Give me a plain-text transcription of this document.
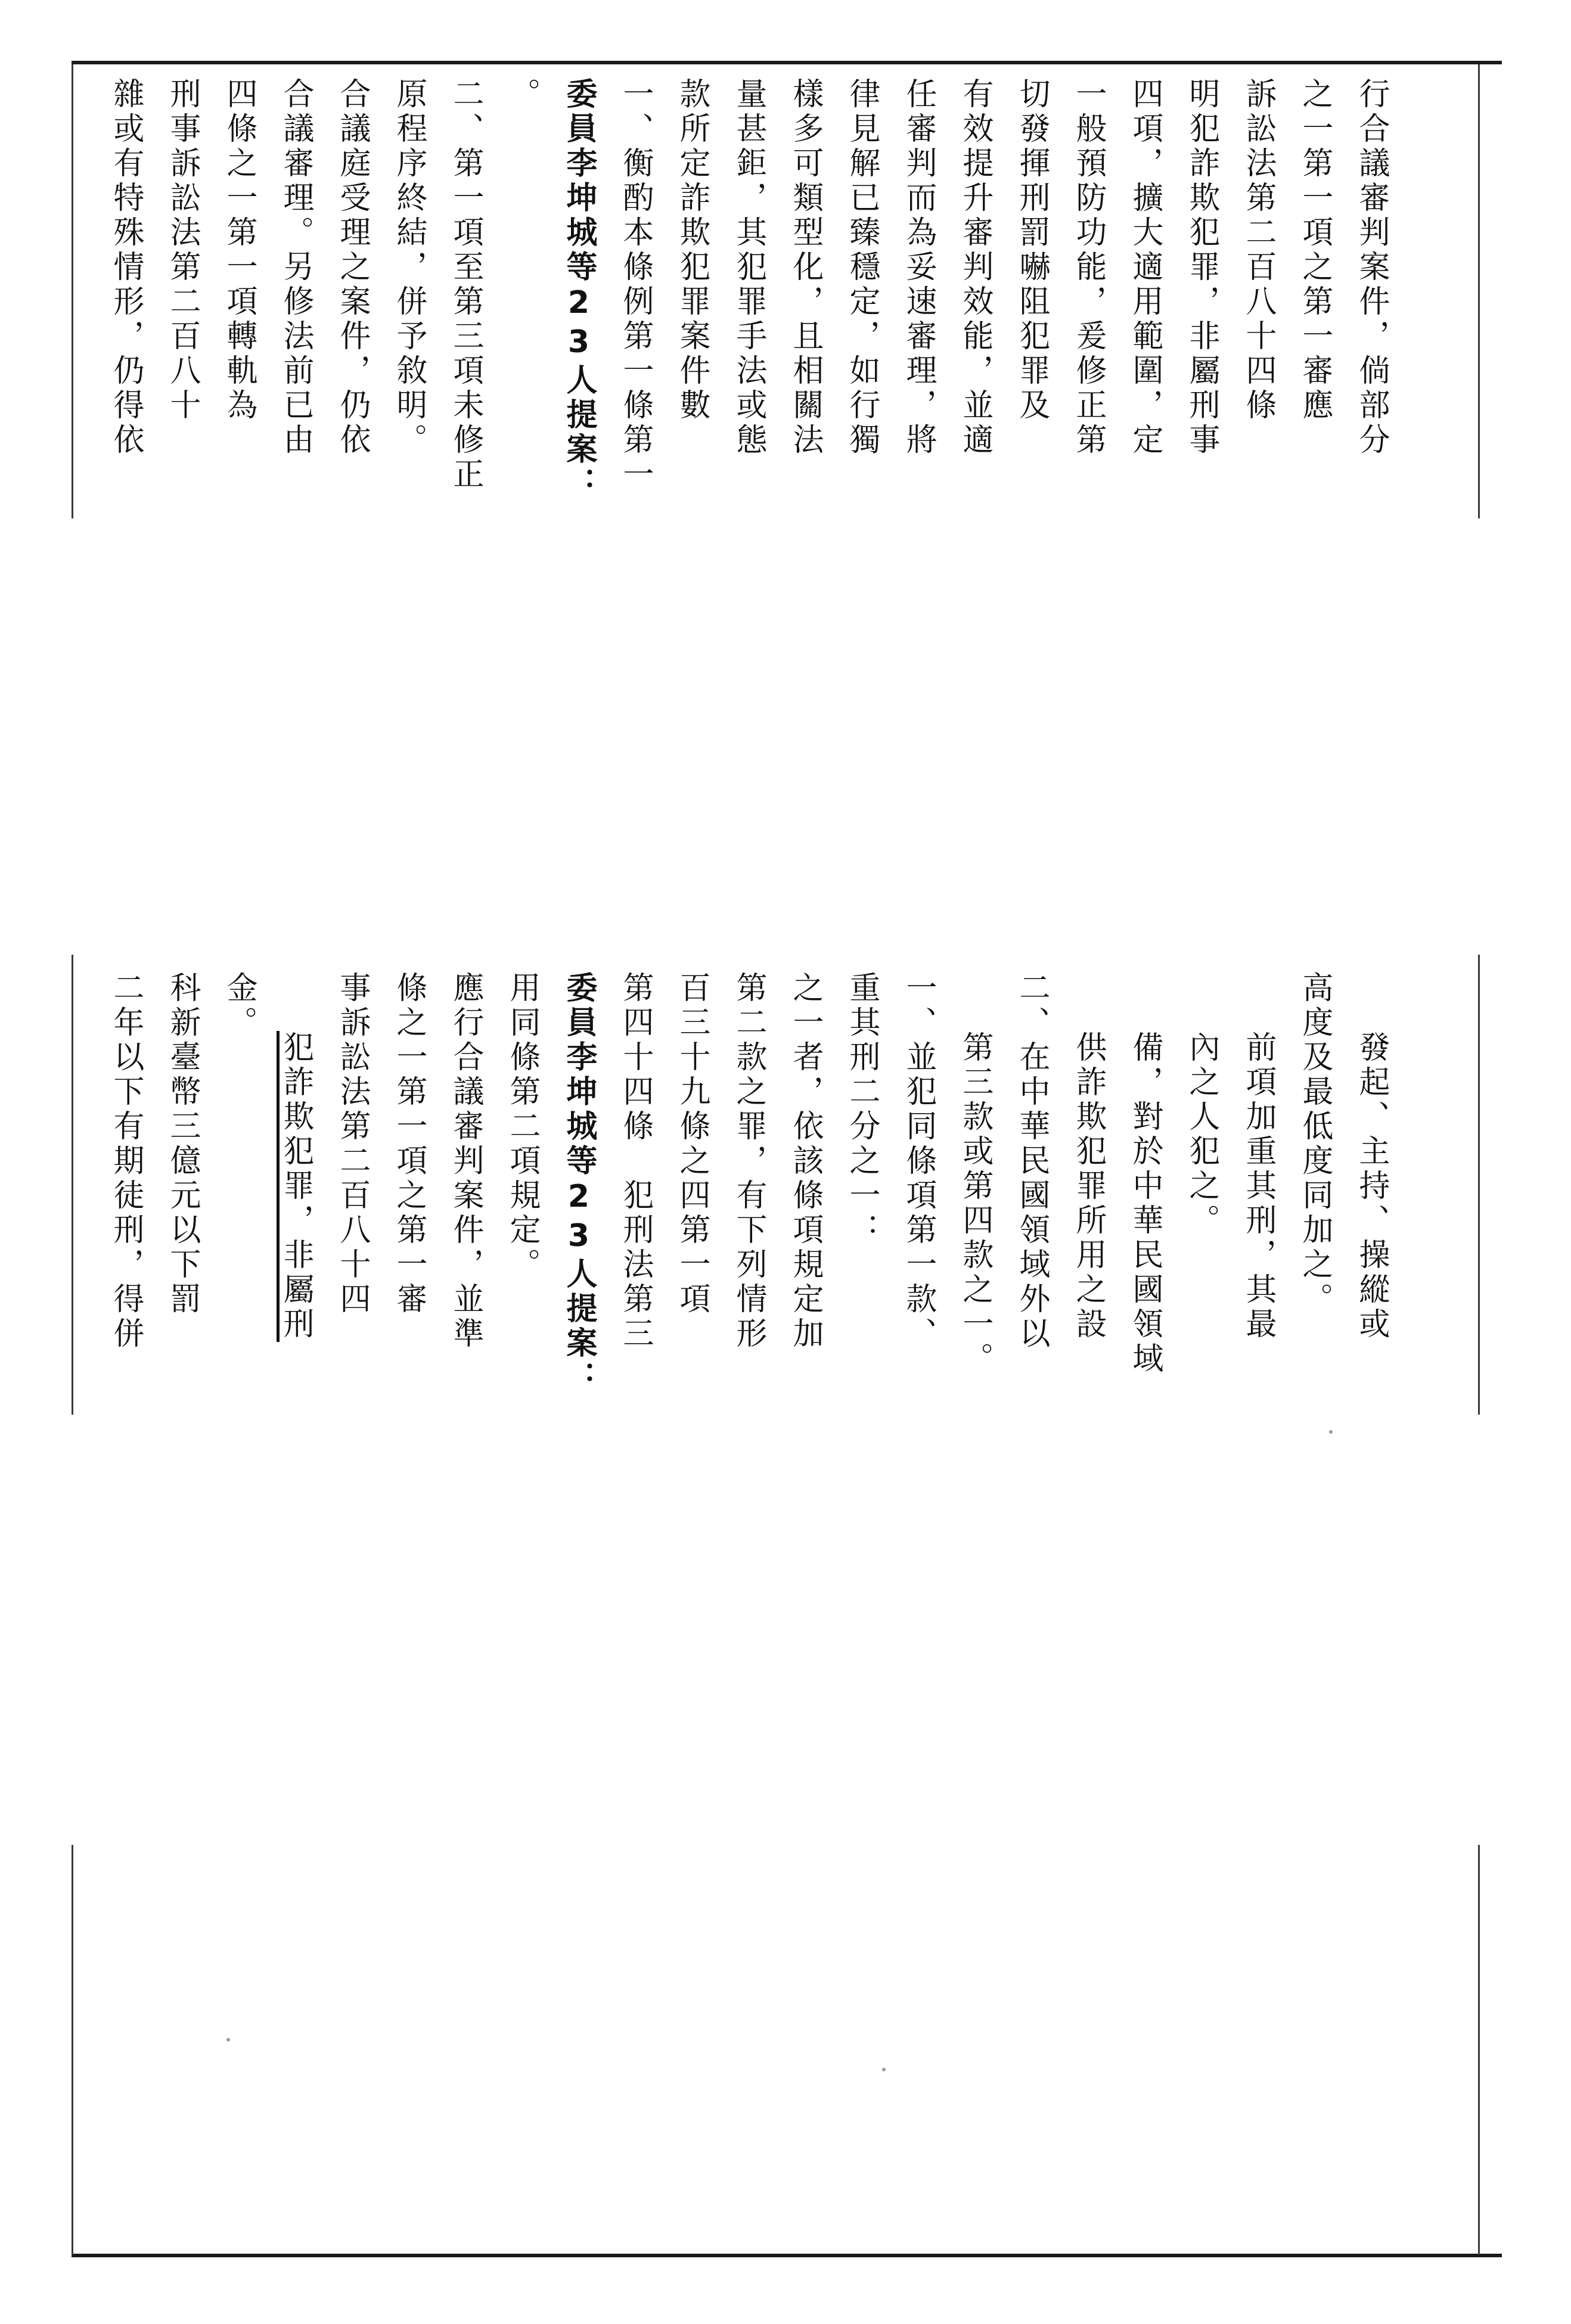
雜或有特殊情形，仍得依 刑事訴訟法第二百八十 四條之一第一項轉軌為 合議審理。另修法前已由 合議庭受理之案件，仍依 原程序終結，併予敘明。 二、第一項至第三項未修正 。 委員李坤城等23人提案： 一、衡酌本條例第一條第一 款所定詐欺犯罪案件數 量甚鉅，其犯罪手法或態 樣多可類型化，且相關法 律見解已臻穩定，如行獨 任審判而為妥速審理，將 有效提升審判效能，並適 切發揮刑罰嚇阻犯罪及 一般預防功能，爰修正第 四項，擴大適用範圍，定 明犯詐欺犯罪，非屬刑事 訴訟法第二百八十四條 之一第一項之第一審應 行合議審判案件，倘部分
二年以下有期徒刑，得併 科新臺幣三億元以下罰 金。
犯詐欺犯罪，非屬刑 事訴訟法第二百八十四 條之一第一項之第一審 應行合議審判案件，並準 用同條第二項規定。 委員李坤城等23人提案： 第四十四條　犯刑法第三 百三十九條之四第一項 第二款之罪，有下列情形 之一者，依該條項規定加 重其刑二分之一： 一、並犯同條項第一款、 第三款或第四款之一。 二、在中華民國領域外以 供詐欺犯罪所用之設 備，對於中華民國領域 內之人犯之。 前項加重其刑，其最 高度及最低度同加之。 發起、主持、操縱或
